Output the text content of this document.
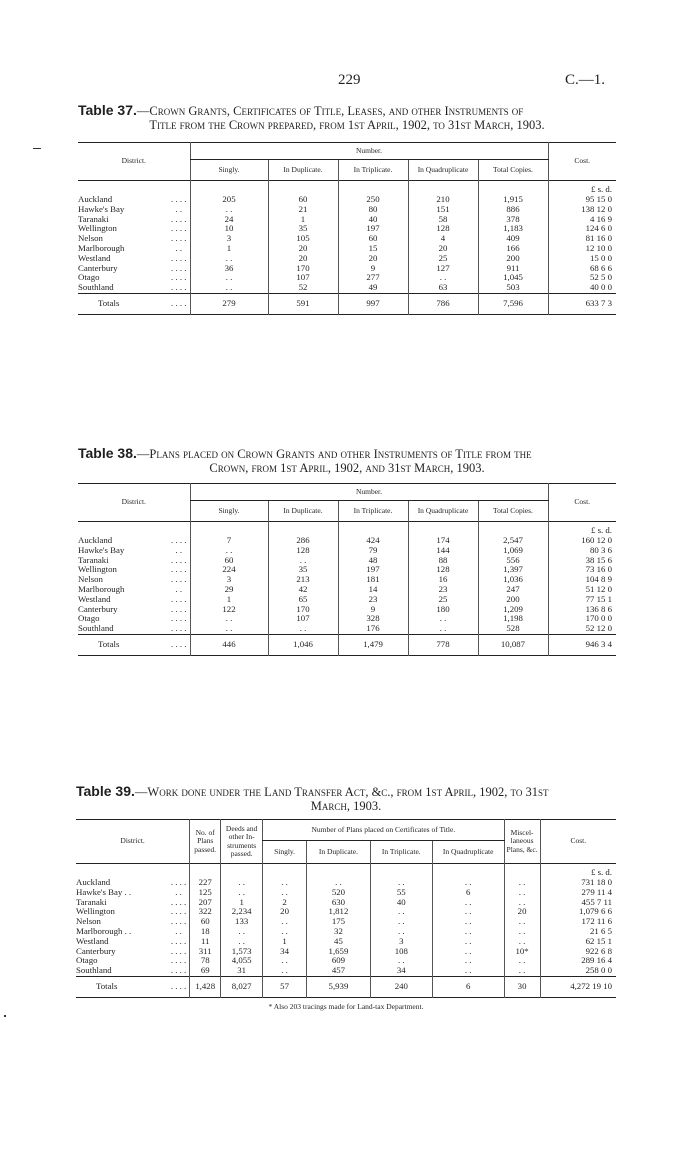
229	C.—1.
Table 37.—Crown Grants, Certificates of Title, Leases, and other Instruments of
Title from the Crown prepared, from 1st April, 1902, to 31st March, 1903.
District.		Number.					Cost.
		Singly.	In Duplicate.	In Triplicate.	In Quadruplicate	Total Copies.	
							£ s. d.
Auckland	. . . .	205	60	250	210	1,915	95 15 0
Hawke's Bay	. .	. .	21	80	151	886	138 12 0
Taranaki	. . . .	24	1	40	58	378	4 16 9
Wellington	. . . .	10	35	197	128	1,183	124 6 0
Nelson	. . . .	3	105	60	4	409	81 16 0
Marlborough	. .	1	20	15	20	166	12 10 0
Westland	. . . .	. .	20	20	25	200	15 0 0
Canterbury	. . . .	36	170	9	127	911	68 6 6
Otago	. . . .	. .	107	277	. .	1,045	52 5 0
Southland	. . . .	. .	52	49	63	503	40 0 0
Totals	. . . .	279	591	997	786	7,596	633 7 3

Table 38.—Plans placed on Crown Grants and other Instruments of Title from the
Crown, from 1st April, 1902, and 31st March, 1903.
District.		Number.					Cost.
		Singly.	In Duplicate.	In Triplicate.	In Quadruplicate	Total Copies.	
							£ s. d.
Auckland	. . . .	7	286	424	174	2,547	160 12 0
Hawke's Bay	. .	. .	128	79	144	1,069	80 3 6
Taranaki	. . . .	60	. .	48	88	556	38 15 6
Wellington	. . . .	224	35	197	128	1,397	73 16 0
Nelson	. . . .	3	213	181	16	1,036	104 8 9
Marlborough	. .	29	42	14	23	247	51 12 0
Westland	. . . .	1	65	23	25	200	77 15 1
Canterbury	. . . .	122	170	9	180	1,209	136 8 6
Otago	. . . .	. .	107	328	. .	1,198	170 0 0
Southland	. . . .	. .	. .	176	. .	528	52 12 0
Totals	. . . .	446	1,046	1,479	778	10,087	946 3 4

Table 39.—Work done under the Land Transfer Act, &c., from 1st April, 1902, to 31st
March, 1903.
District.		No. of Plans passed.	Deeds and other In-struments passed.	Number of Plans placed on Certificates of Title.				Miscel-laneous Plans, &c.	Cost.
				Singly.	In Duplicate.	In Triplicate.	In Quadruplicate		
									£ s. d.
Auckland	. . . .	227	. .	. .	. .	. .	. .	. .	731 18 0
Hawke's Bay . .	. .	125	. .	. .	520	55	6	. .	279 11 4
Taranaki	. . . .	207	1	2	630	40	. .	. .	455 7 11
Wellington	. . . .	322	2,234	20	1,812	. .	. .	20	1,079 6 6
Nelson	. . . .	60	133	. .	175	. .	. .	. .	172 11 6
Marlborough . .	. .	18	. .	. .	32	. .	. .	. .	21 6 5
Westland	. . . .	11	. .	1	45	3	. .	. .	62 15 1
Canterbury	. . . .	311	1,573	34	1,659	108	. .	10*	922 6 8
Otago	. . . .	78	4,055	. .	609	. .	. .	. .	289 16 4
Southland	. . . .	69	31	. .	457	34	. .	. .	258 0 0
Totals	. . . .	1,428	8,027	57	5,939	240	6	30	4,272 19 10

* Also 203 tracings made for Land-tax Department.
